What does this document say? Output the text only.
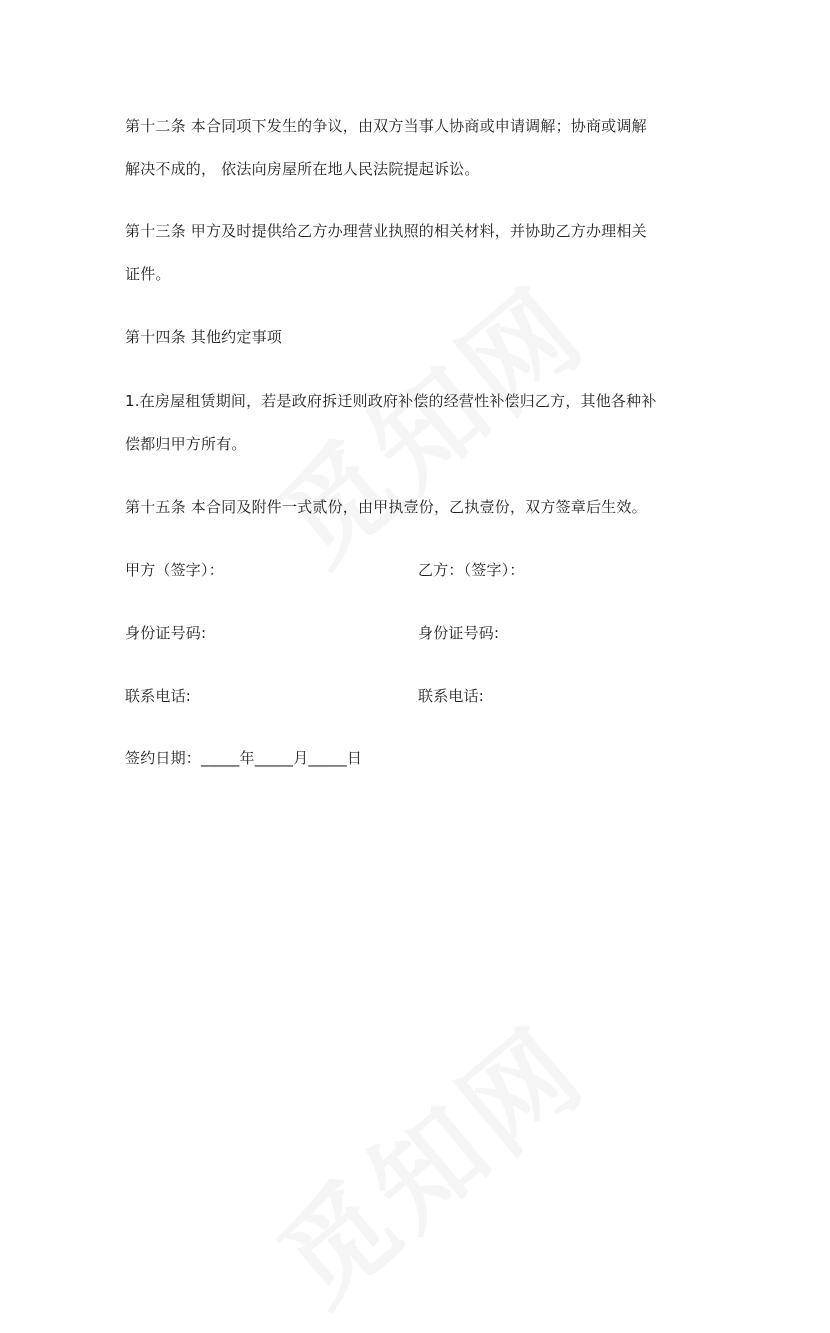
第十二条 本合同项下发生的争议，由双方当事人协商或申请调解；协商或调解
解决不成的， 依法向房屋所在地人民法院提起诉讼。
第十三条 甲方及时提供给乙方办理营业执照的相关材料，并协助乙方办理相关
证件。
第十四条 其他约定事项
1.在房屋租赁期间，若是政府拆迁则政府补偿的经营性补偿归乙方，其他各种补
偿都归甲方所有。
第十五条 本合同及附件一式贰份，由甲执壹份，乙执壹份，双方签章后生效。
甲方（签字）：	乙方：（签字）：
身份证号码:	身份证号码:
联系电话:	联系电话:
签约日期：_____年_____月_____日
